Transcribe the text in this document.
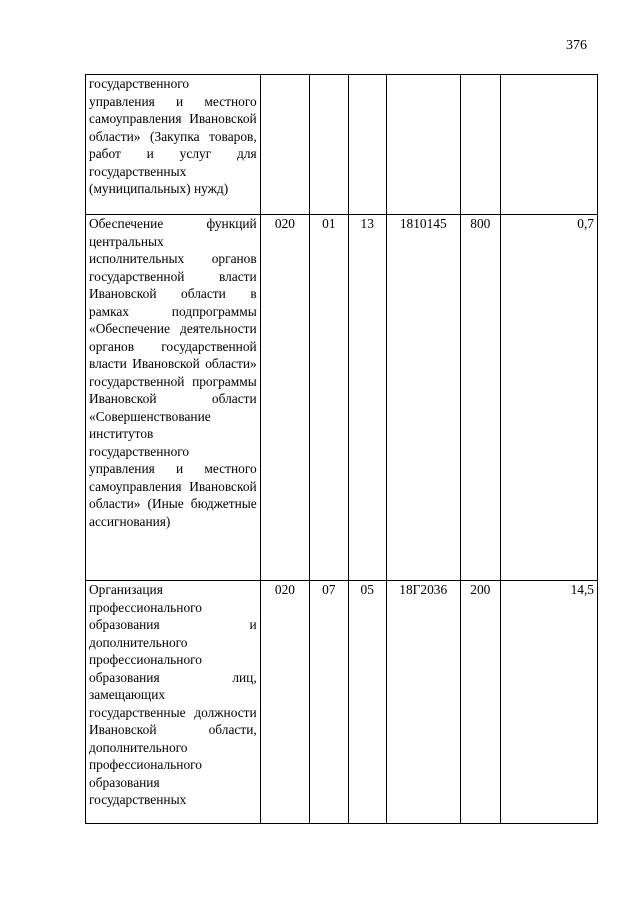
376
государственного управления и местного самоуправления Ивановской области» (Закупка товаров, работ и услуг для государственных (муниципальных) нужд)						
Обеспечение функций центральных исполнительных органов государственной власти Ивановской области в рамках подпрограммы «Обеспечение деятельности органов государственной власти Ивановской области» государственной программы Ивановской области «Совершенствование институтов государственного управления и местного самоуправления Ивановской области» (Иные бюджетные ассигнования)	020	01	13	1810145	800	0,7
Организация профессионального образования и дополнительного профессионального образования лиц, замещающих государственные должности Ивановской области, дополнительного профессионального образования государственных	020	07	05	18Г2036	200	14,5
